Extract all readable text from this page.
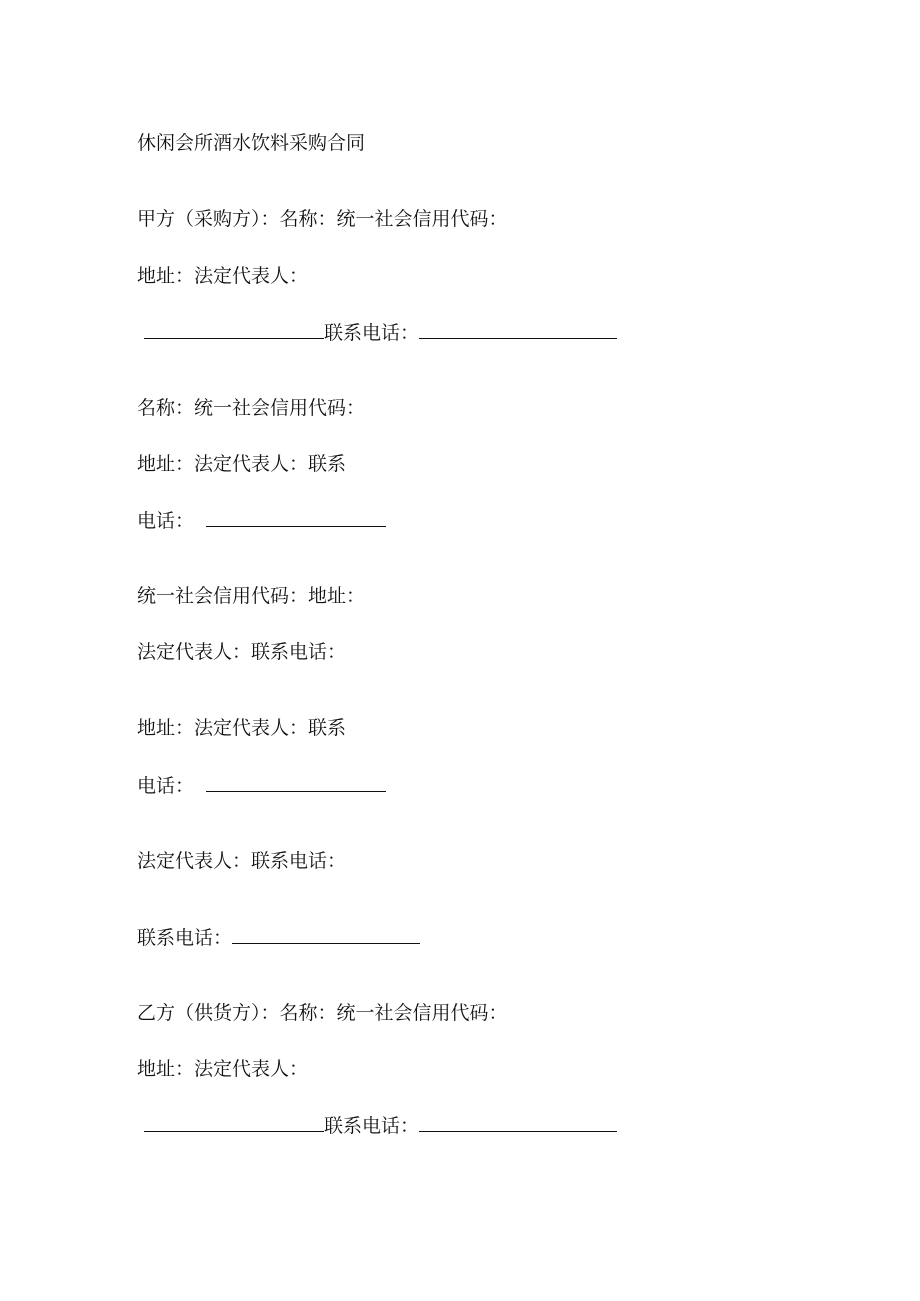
休闲会所酒水饮料采购合同
甲方（采购方）：名称：统一社会信用代码：
地址：法定代表人：
联系电话：
名称：统一社会信用代码：
地址：法定代表人：联系
电话：
统一社会信用代码：地址：
法定代表人：联系电话：
地址：法定代表人：联系
电话：
法定代表人：联系电话：
联系电话：
乙方（供货方）：名称：统一社会信用代码：
地址：法定代表人：
联系电话：
